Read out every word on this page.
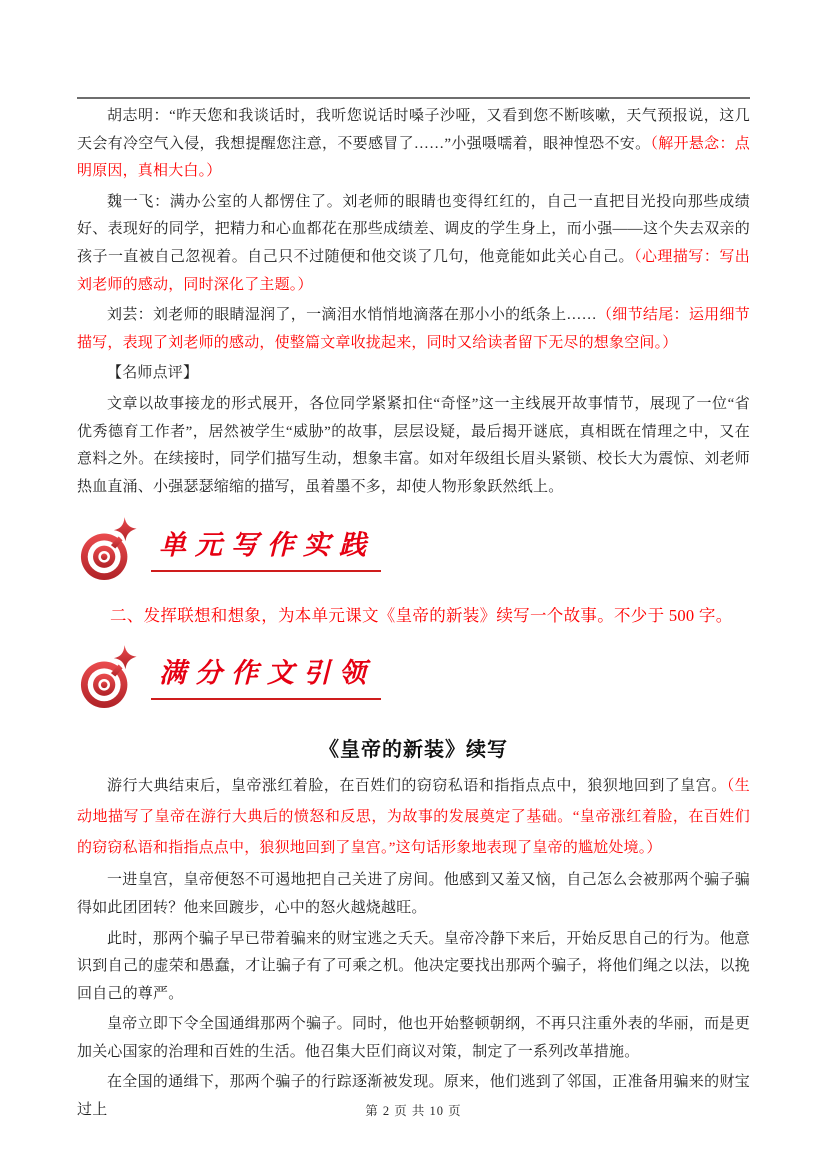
胡志明：“昨天您和我谈话时，我听您说话时嗓子沙哑，又看到您不断咳嗽，天气预报说，这几天会有冷空气入侵，我想提醒您注意，不要感冒了……”小强嗫嚅着，眼神惶恐不安。（解开悬念：点明原因，真相大白。）

魏一飞：满办公室的人都愣住了。刘老师的眼睛也变得红红的，自己一直把目光投向那些成绩好、表现好的同学，把精力和心血都花在那些成绩差、调皮的学生身上，而小强——这个失去双亲的孩子一直被自己忽视着。自己只不过随便和他交谈了几句，他竟能如此关心自己。（心理描写：写出刘老师的感动，同时深化了主题。）

刘芸：刘老师的眼睛湿润了，一滴泪水悄悄地滴落在那小小的纸条上……（细节结尾：运用细节描写，表现了刘老师的感动，使整篇文章收拢起来，同时又给读者留下无尽的想象空间。）

【名师点评】

文章以故事接龙的形式展开，各位同学紧紧扣住“奇怪”这一主线展开故事情节，展现了一位“省优秀德育工作者”，居然被学生“威胁”的故事，层层设疑，最后揭开谜底，真相既在情理之中，又在意料之外。在续接时，同学们描写生动，想象丰富。如对年级组长眉头紧锁、校长大为震惊、刘老师热血直涌、小强瑟瑟缩缩的描写，虽着墨不多，却使人物形象跃然纸上。

单元写作实践

二、发挥联想和想象，为本单元课文《皇帝的新装》续写一个故事。不少于 500 字。

满分作文引领
《皇帝的新装》续写

游行大典结束后，皇帝涨红着脸，在百姓们的窃窃私语和指指点点中，狼狈地回到了皇宫。（生动地描写了皇帝在游行大典后的愤怒和反思，为故事的发展奠定了基础。“皇帝涨红着脸，在百姓们的窃窃私语和指指点点中，狼狈地回到了皇宫。”这句话形象地表现了皇帝的尴尬处境。）

一进皇宫，皇帝便怒不可遏地把自己关进了房间。他感到又羞又恼，自己怎么会被那两个骗子骗得如此团团转？他来回踱步，心中的怒火越烧越旺。

此时，那两个骗子早已带着骗来的财宝逃之夭夭。皇帝冷静下来后，开始反思自己的行为。他意识到自己的虚荣和愚蠢，才让骗子有了可乘之机。他决定要找出那两个骗子，将他们绳之以法，以挽回自己的尊严。

皇帝立即下令全国通缉那两个骗子。同时，他也开始整顿朝纲，不再只注重外表的华丽，而是更加关心国家的治理和百姓的生活。他召集大臣们商议对策，制定了一系列改革措施。

在全国的通缉下，那两个骗子的行踪逐渐被发现。原来，他们逃到了邻国，正准备用骗来的财宝过上	第 2 页 共 10 页
